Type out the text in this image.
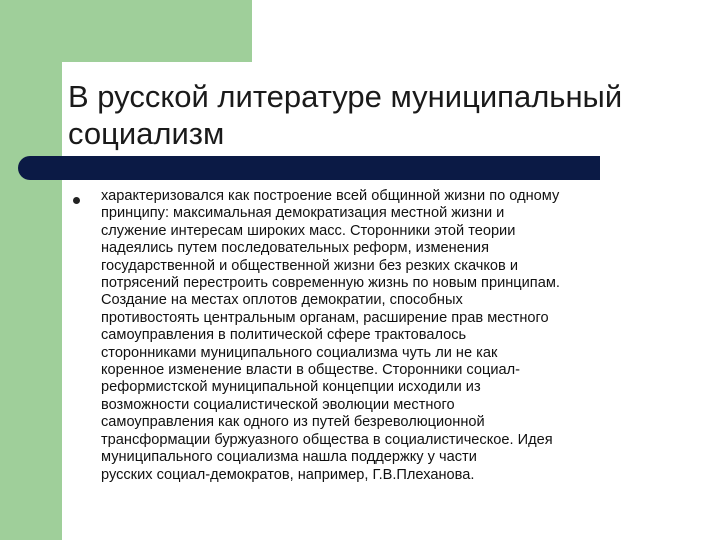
В русской литературе муниципальный социализм

характеризовался как построение всей общинной жизни по одному
принципу: максимальная демократизация местной жизни и
служение интересам широких масс. Сторонники этой теории
надеялись путем последовательных реформ, изменения
государственной и общественной жизни без резких скачков и
потрясений перестроить современную жизнь по новым принципам.
Создание на местах оплотов демократии, способных
противостоять центральным органам, расширение прав местного
самоуправления в политической сфере трактовалось
сторонниками муниципального социализма чуть ли не как
коренное изменение власти в обществе. Сторонники социал-
реформистской муниципальной концепции исходили из
возможности социалистической эволюции местного
самоуправления как одного из путей безреволюционной
трансформации буржуазного общества в социалистическое. Идея
муниципального социализма нашла поддержку у части
русских социал-демократов, например, Г.В.Плеханова.
